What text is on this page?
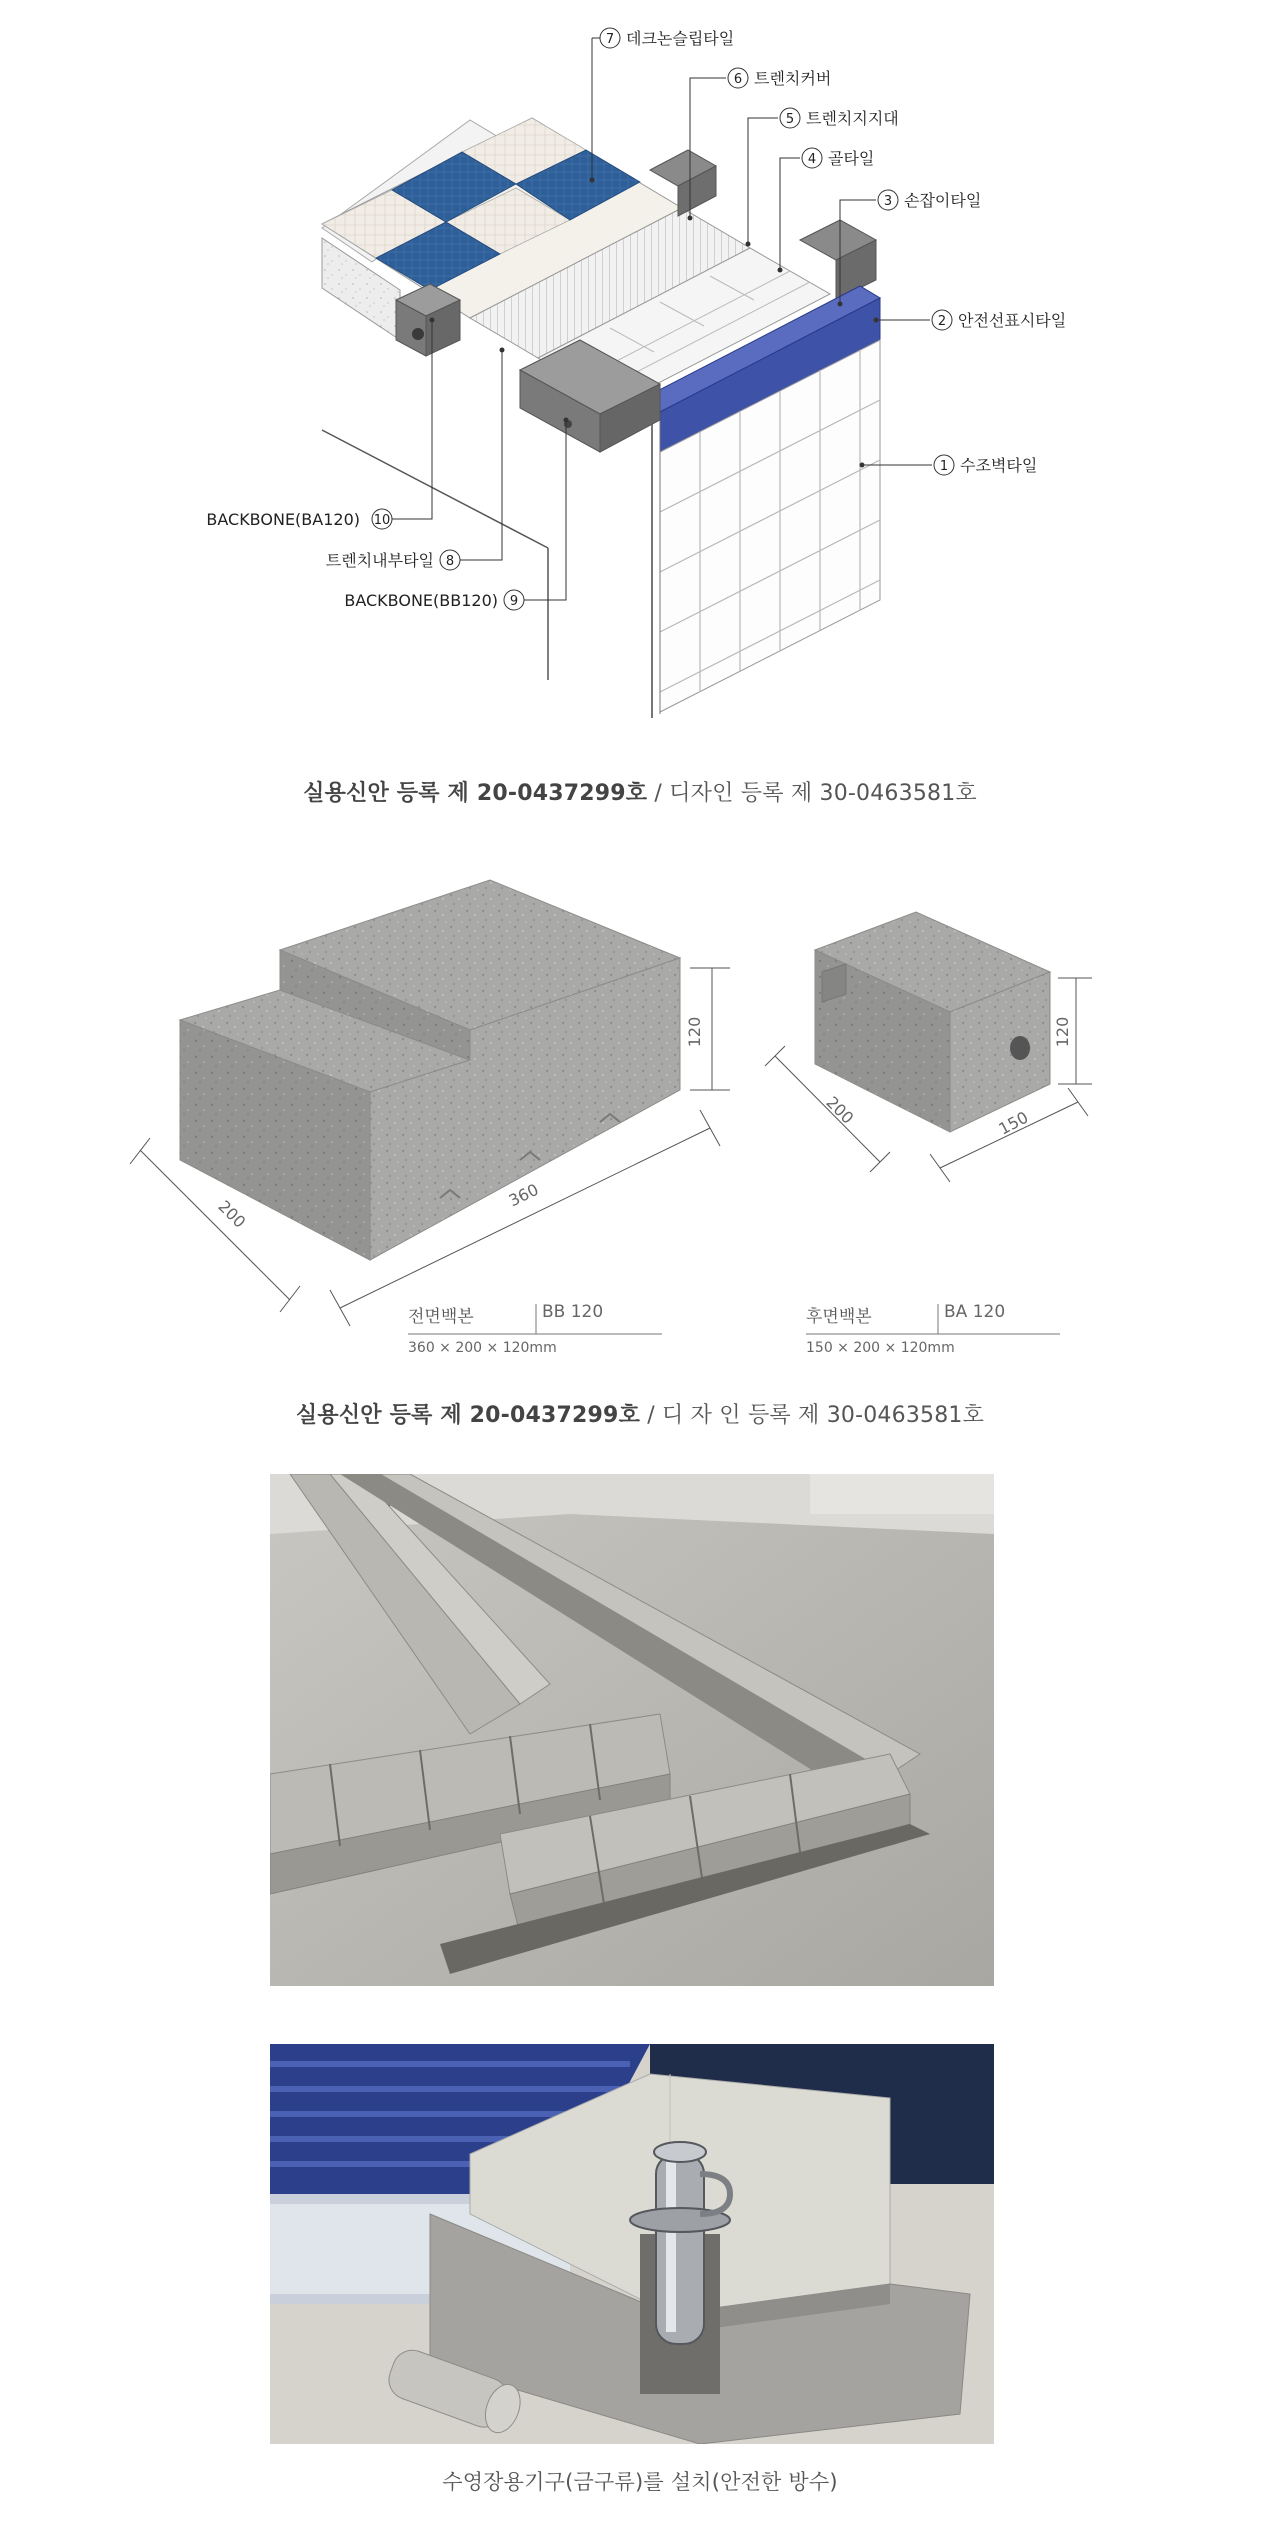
7 데크논슬립타일
6 트렌치커버
5 트렌치지지대
4 골타일
3 손잡이타일
2 안전선표시타일
1 수조벽타일
BACKBONE(BA120) 10
트렌치내부타일 8
BACKBONE(BB120) 9
실용신안 등록 제 20-0437299호 / 디자인 등록 제 30-0463581호
120
360
200
120
200	150
전면백본	BB 120
360 × 200 × 120mm
후면백본	BA 120
150 × 200 × 120mm
실용신안 등록 제 20-0437299호 / 디 자 인 등록 제 30-0463581호
수영장용기구(금구류)를 설치(안전한 방수)
